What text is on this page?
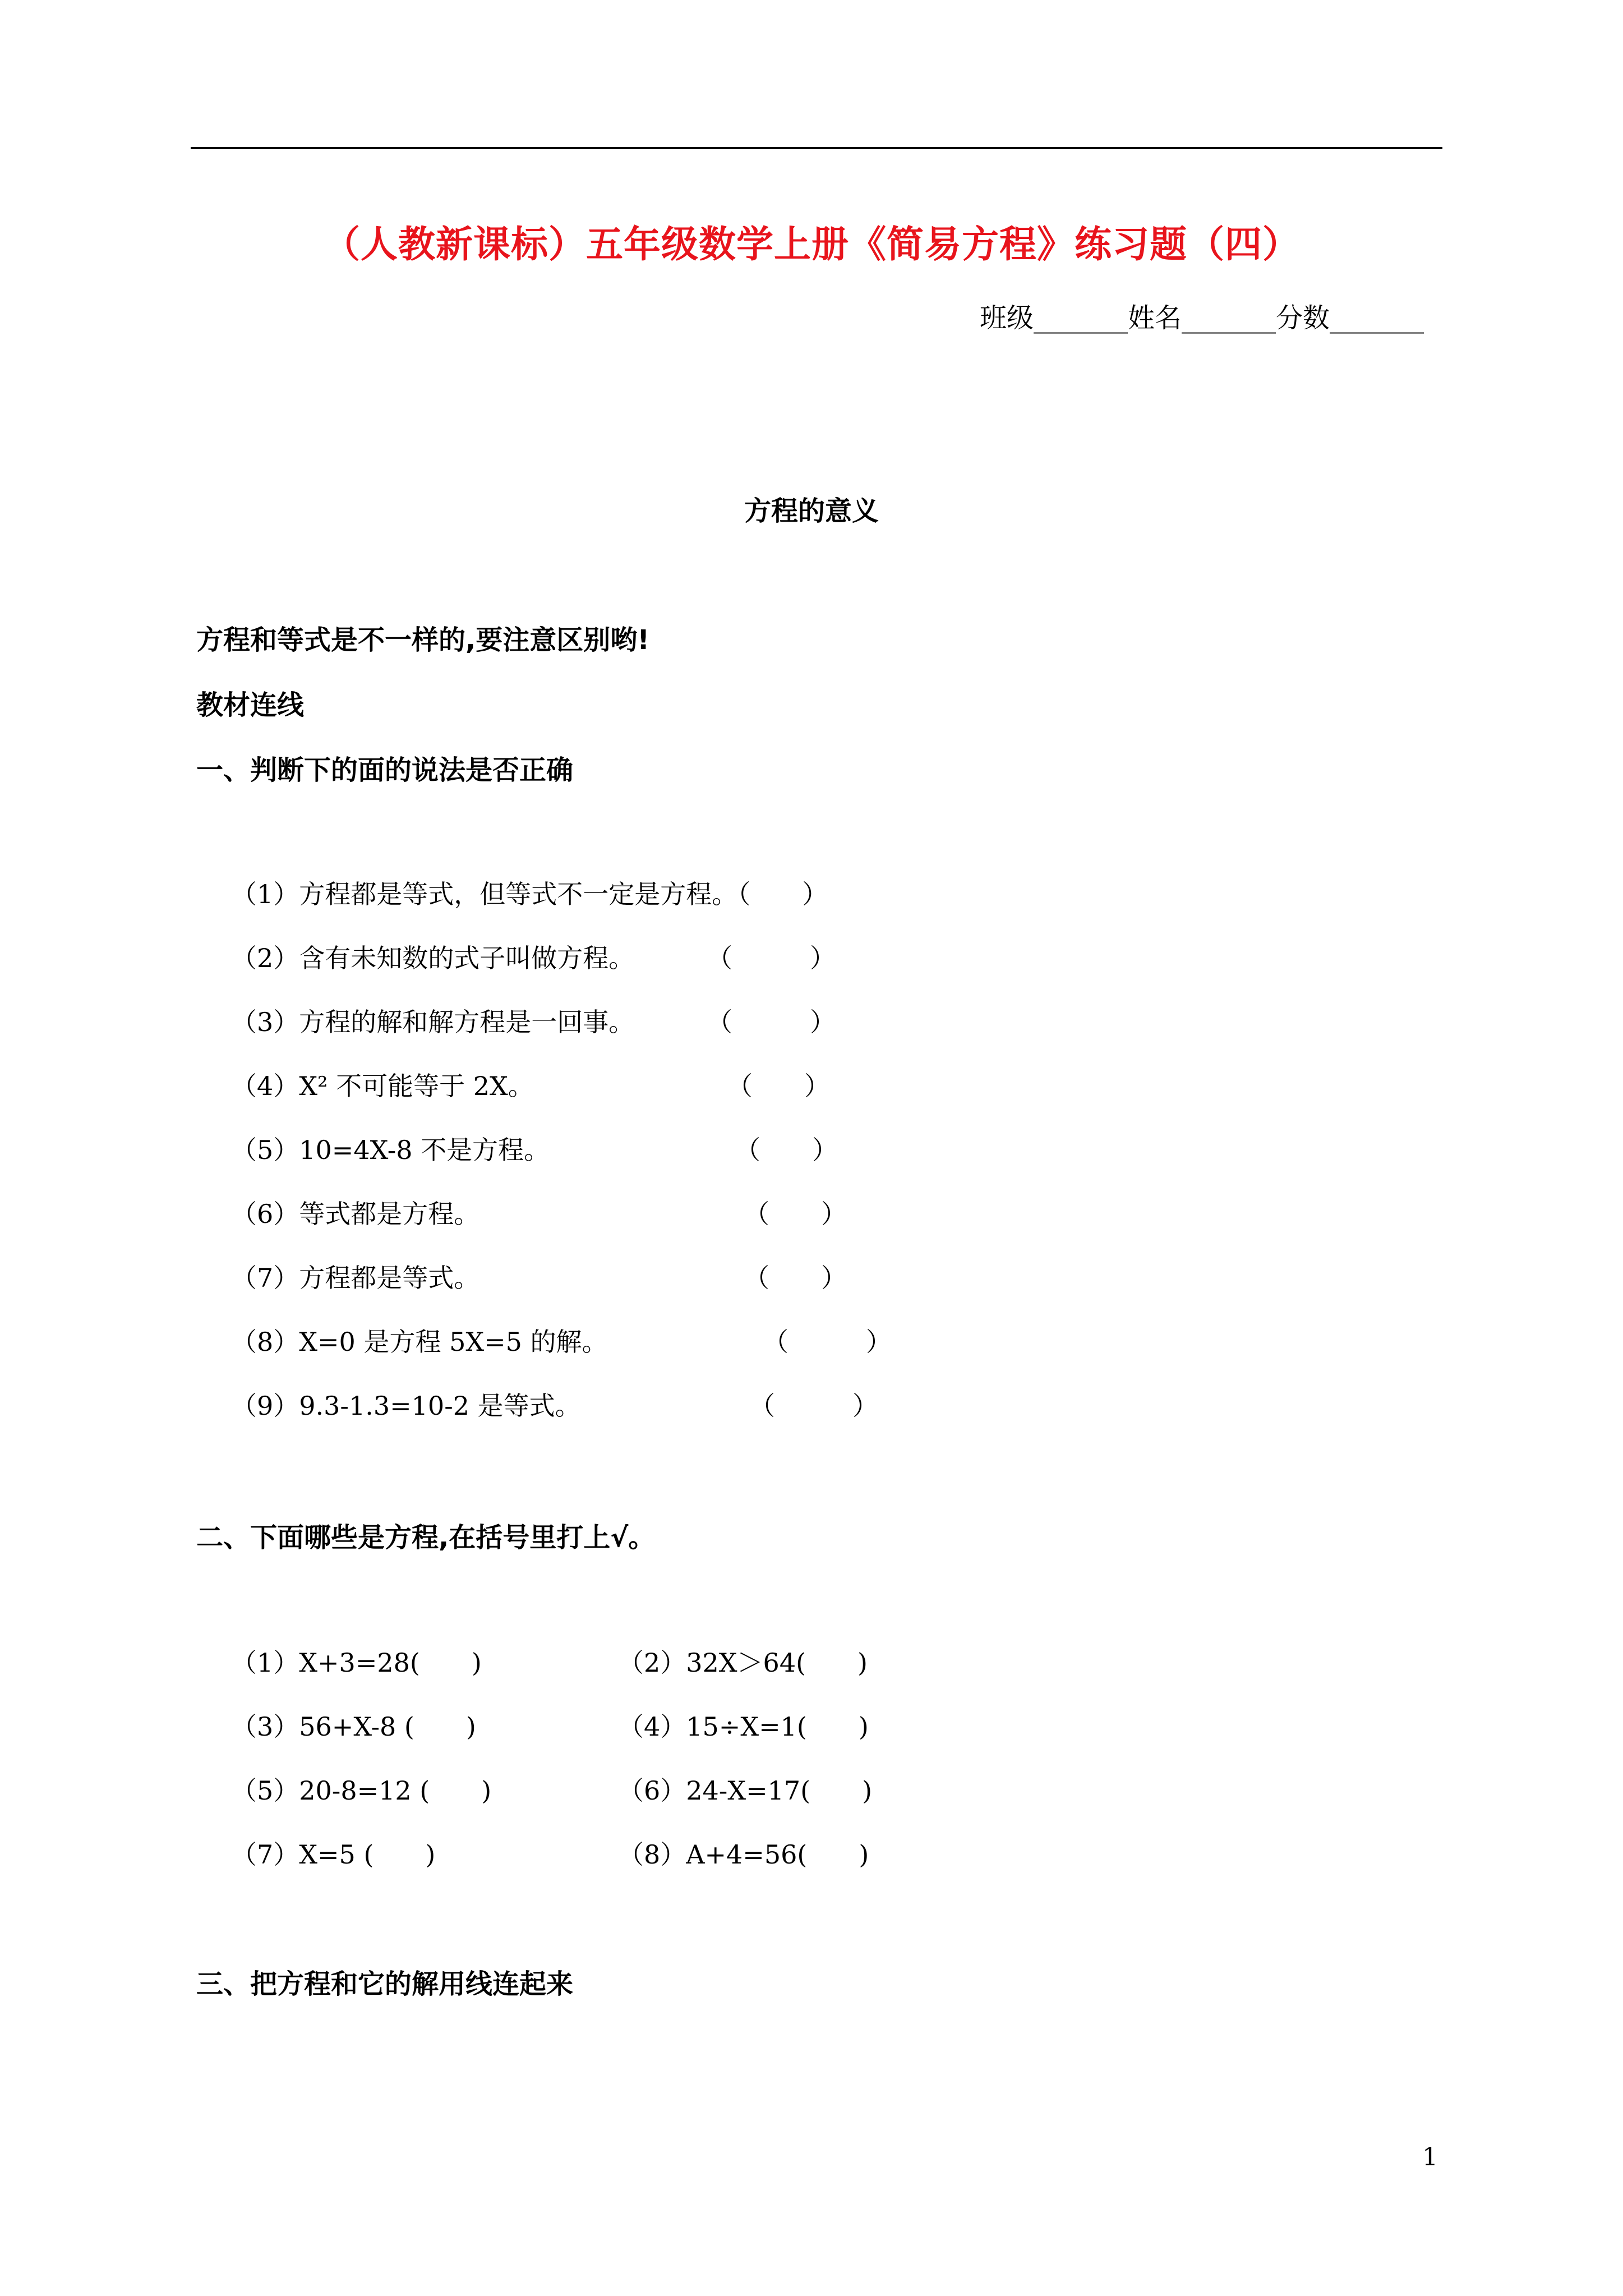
（人教新课标）五年级数学上册《简易方程》练习题（四）
班级_______姓名_______分数_______
方程的意义
方程和等式是不一样的,要注意区别哟!
教材连线
一、判断下的面的说法是否正确
（1）方程都是等式，但等式不一定是方程。（　　）
（2）含有未知数的式子叫做方程。	（　　　）
（3）方程的解和解方程是一回事。	（　　　）
（4）X² 不可能等于 2X。	（　　）
（5）10=4X-8 不是方程。	（　　）
（6）等式都是方程。	（　　）
（7）方程都是等式。	（　　）
（8）X=0 是方程 5X=5 的解。	（　　　）
（9）9.3-1.3=10-2 是等式。	（　　　）
二、下面哪些是方程,在括号里打上√。
（1）X+3=28(　　)	（2）32X＞64(　　)
（3）56+X-8 (　　)	（4）15÷X=1(　　)
（5）20-8=12 (　　)	（6）24-X=17(　　)
（7）X=5 (　　)	（8）A+4=56(　　)
三、把方程和它的解用线连起来
1
